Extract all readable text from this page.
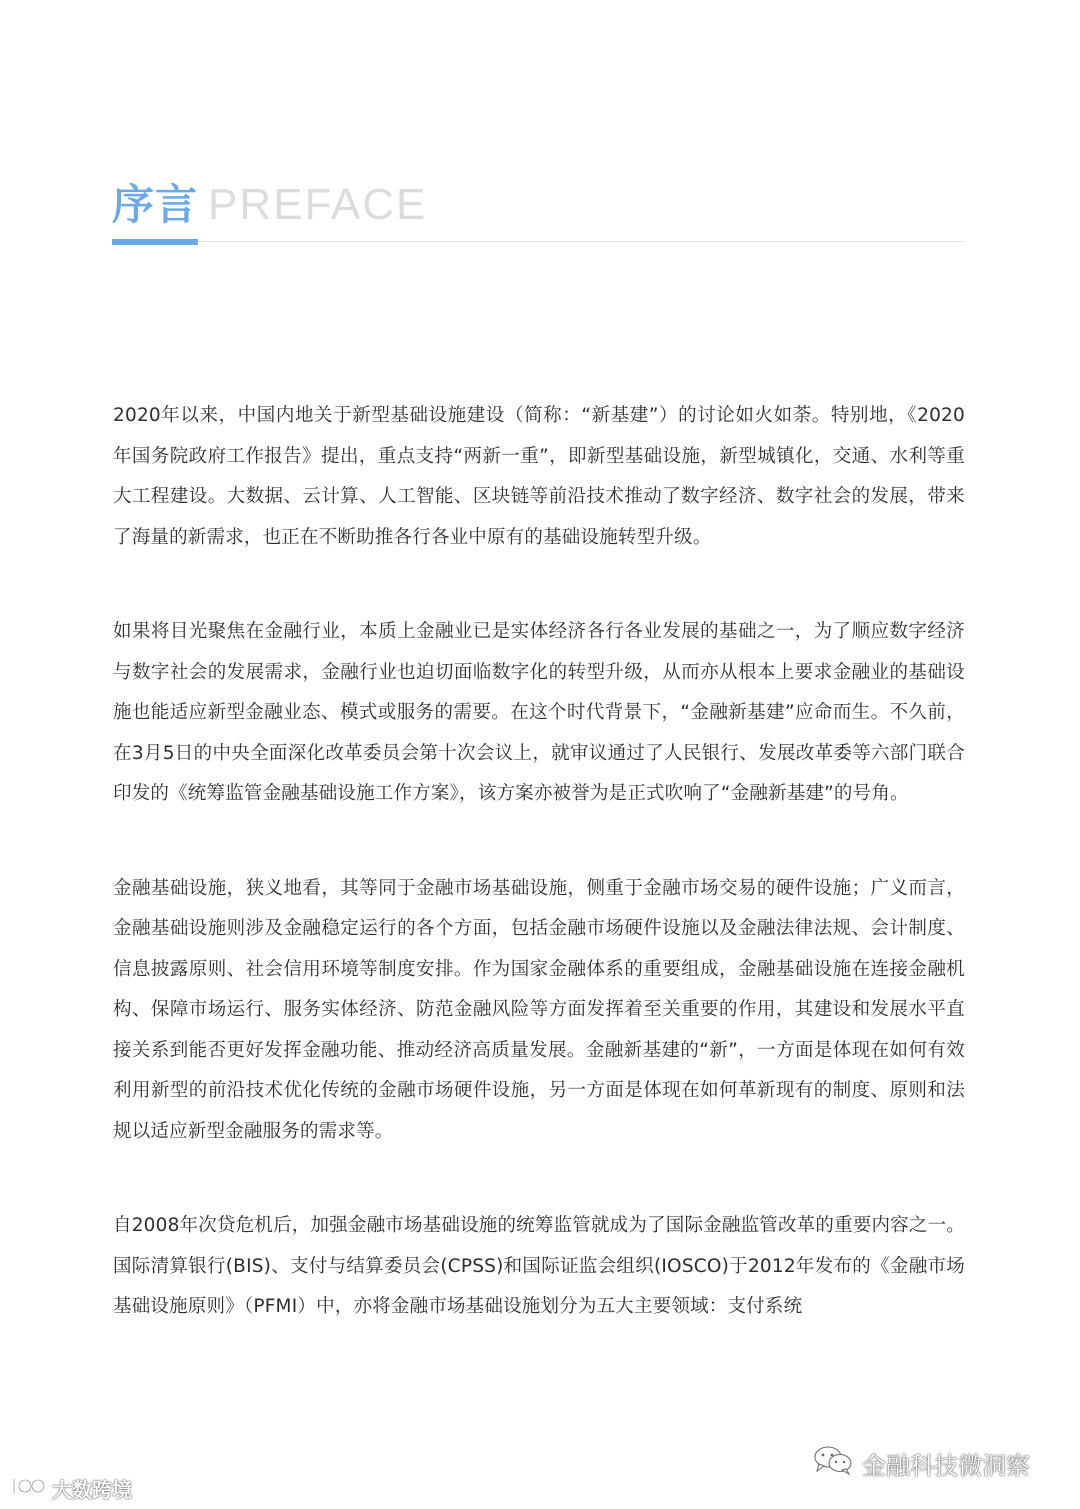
序言 PREFACE

2020年以来，中国内地关于新型基础设施建设（简称：“新基建”）的讨论如火如荼。特别地，《2020年国务院政府工作报告》提出，重点支持“两新一重”，即新型基础设施，新型城镇化，交通、水利等重大工程建设。大数据、云计算、人工智能、区块链等前沿技术推动了数字经济、数字社会的发展，带来了海量的新需求，也正在不断助推各行各业中原有的基础设施转型升级。

如果将目光聚焦在金融行业，本质上金融业已是实体经济各行各业发展的基础之一，为了顺应数字经济与数字社会的发展需求，金融行业也迫切面临数字化的转型升级，从而亦从根本上要求金融业的基础设施也能适应新型金融业态、模式或服务的需要。在这个时代背景下，“金融新基建”应命而生。不久前，在3月5日的中央全面深化改革委员会第十次会议上，就审议通过了人民银行、发展改革委等六部门联合印发的《统筹监管金融基础设施工作方案》，该方案亦被誉为是正式吹响了“金融新基建”的号角。

金融基础设施，狭义地看，其等同于金融市场基础设施，侧重于金融市场交易的硬件设施；广义而言，金融基础设施则涉及金融稳定运行的各个方面，包括金融市场硬件设施以及金融法律法规、会计制度、信息披露原则、社会信用环境等制度安排。作为国家金融体系的重要组成，金融基础设施在连接金融机构、保障市场运行、服务实体经济、防范金融风险等方面发挥着至关重要的作用，其建设和发展水平直接关系到能否更好发挥金融功能、推动经济高质量发展。金融新基建的“新”，一方面是体现在如何有效利用新型的前沿技术优化传统的金融市场硬件设施，另一方面是体现在如何革新现有的制度、原则和法规以适应新型金融服务的需求等。

自2008年次贷危机后，加强金融市场基础设施的统筹监管就成为了国际金融监管改革的重要内容之一。国际清算银行(BIS)、支付与结算委员会(CPSS)和国际证监会组织(IOSCO)于2012年发布的《金融市场基础设施原则》（PFMI）中，亦将金融市场基础设施划分为五大主要领域：支付系统

大数跨境
金融科技微洞察
